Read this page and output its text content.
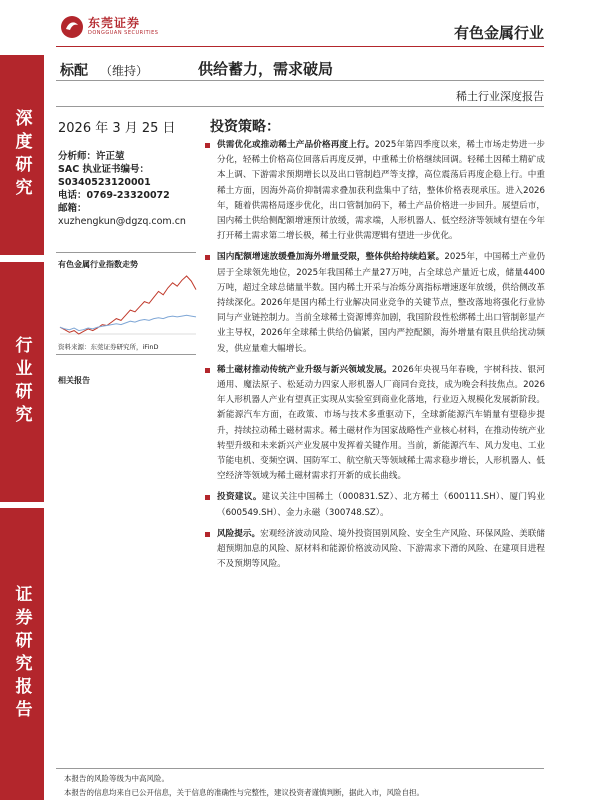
深度研究
行业研究
证券研究报告
东莞证券
DONGGUAN SECURITIES	有色金属行业
标配 （维持）	供给蓄力，需求破局
稀土行业深度报告
2026 年 3 月 25 日 投资策略：
分析师：许正堃
SAC 执业证书编号：
S0340523120001
电话：0769-23320072
邮箱：
xuzhengkun@dgzq.com.cn
有色金属行业指数走势
资料来源：东莞证券研究所，iFinD
相关报告
供需优化或推动稀土产品价格再度上行。2025年第四季度以来，稀土市场走势进一步分化，轻稀土价格高位回落后再度反弹，中重稀土价格继续回调。轻稀土因稀土精矿成本上调、下游需求预期增长以及出口管制趋严等支撑，高位震荡后再度企稳上行。中重稀土方面，因海外高价抑制需求叠加获利盘集中了结，整体价格表现承压。进入2026年，随着供需格局逐步优化，出口管制加码下，稀土产品价格进一步回升。展望后市，国内稀土供给侧配额增速预计放缓，需求端，人形机器人、低空经济等领域有望在今年打开稀土需求第二增长极，稀土行业供需逻辑有望进一步优化。
国内配额增速放缓叠加海外增量受限，整体供给持续趋紧。2025年，中国稀土产业仍居于全球领先地位，2025年我国稀土产量27万吨，占全球总产量近七成，储量4400万吨，超过全球总储量半数。国内稀土开采与冶炼分离指标增速逐年放缓，供给侧改革持续深化。2026年是国内稀土行业解决同业竞争的关键节点，整改落地将强化行业协同与产业链控制力。当前全球稀土资源博弈加剧，我国阶段性松绑稀土出口管制彰显产业主导权，2026年全球稀土供给仍偏紧，国内严控配额，海外增量有限且供给扰动频发，供应量难大幅增长。
稀土磁材推动传统产业升级与新兴领域发展。2026年央视马年春晚，宇树科技、银河通用、魔法原子、松延动力四家人形机器人厂商同台竞技，成为晚会科技焦点。2026年人形机器人产业有望真正实现从实验室到商业化落地，行业迈入规模化发展新阶段。新能源汽车方面，在政策、市场与技术多重驱动下，全球新能源汽车销量有望稳步提升，持续拉动稀土磁材需求。稀土磁材作为国家战略性产业核心材料，在推动传统产业转型升级和未来新兴产业发展中发挥着关键作用。当前，新能源汽车、风力发电、工业节能电机、变频空调、国防军工、航空航天等领域稀土需求稳步增长，人形机器人、低空经济等领域为稀土磁材需求打开新的成长曲线。
投资建议。建议关注中国稀土（000831.SZ）、北方稀土（600111.SH）、厦门钨业（600549.SH）、金力永磁（300748.SZ）。
风险提示。宏观经济波动风险、境外投资国别风险、安全生产风险、环保风险、美联储超预期加息的风险、原材料和能源价格波动风险、下游需求下滑的风险、在建项目进程不及预期等风险。
本报告的风险等级为中高风险。
本报告的信息均来自已公开信息，关于信息的准确性与完整性，建议投资者谨慎判断，据此入市，风险自担。
